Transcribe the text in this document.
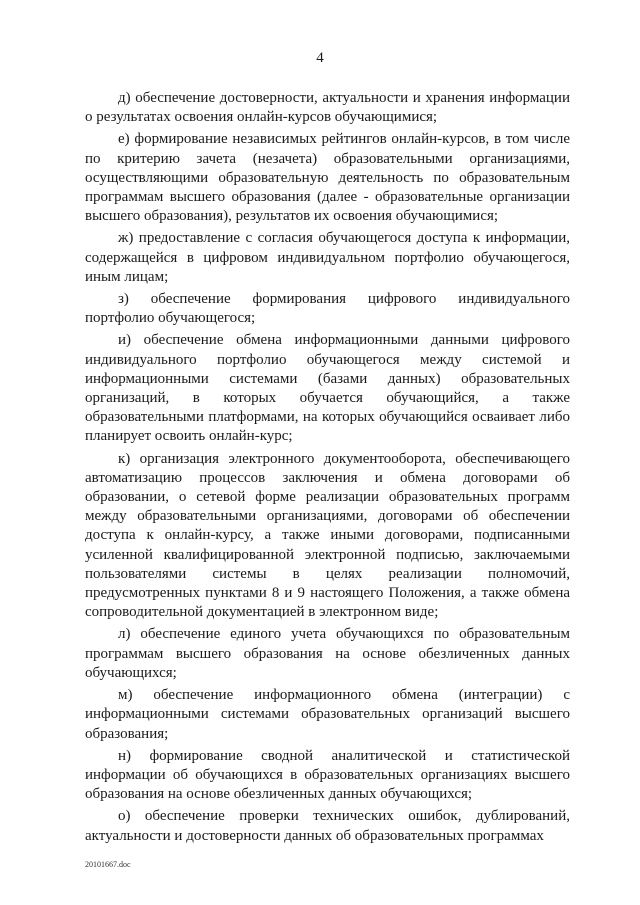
4

д) обеспечение достоверности, актуальности и хранения информации о результатах освоения онлайн-курсов обучающимися;

е) формирование независимых рейтингов онлайн-курсов, в том числе по критерию зачета (незачета) образовательными организациями, осуществляющими образовательную деятельность по образовательным программам высшего образования (далее - образовательные организации высшего образования), результатов их освоения обучающимися;

ж) предоставление с согласия обучающегося доступа к информации, содержащейся в цифровом индивидуальном портфолио обучающегося, иным лицам;

з) обеспечение формирования цифрового индивидуального портфолио обучающегося;

и) обеспечение обмена информационными данными цифрового индивидуального портфолио обучающегося между системой и информационными системами (базами данных) образовательных организаций, в которых обучается обучающийся, а также образовательными платформами, на которых обучающийся осваивает либо планирует освоить онлайн-курс;

к) организация электронного документооборота, обеспечивающего автоматизацию процессов заключения и обмена договорами об образовании, о сетевой форме реализации образовательных программ между образовательными организациями, договорами об обеспечении доступа к онлайн-курсу, а также иными договорами, подписанными усиленной квалифицированной электронной подписью, заключаемыми пользователями системы в целях реализации полномочий, предусмотренных пунктами 8 и 9 настоящего Положения, а также обмена сопроводительной документацией в электронном виде;

л) обеспечение единого учета обучающихся по образовательным программам высшего образования на основе обезличенных данных обучающихся;

м) обеспечение информационного обмена (интеграции) с информационными системами образовательных организаций высшего образования;

н) формирование сводной аналитической и статистической информации об обучающихся в образовательных организациях высшего образования на основе обезличенных данных обучающихся;

о) обеспечение проверки технических ошибок, дублирований, актуальности и достоверности данных об образовательных программах

20101667.doc
